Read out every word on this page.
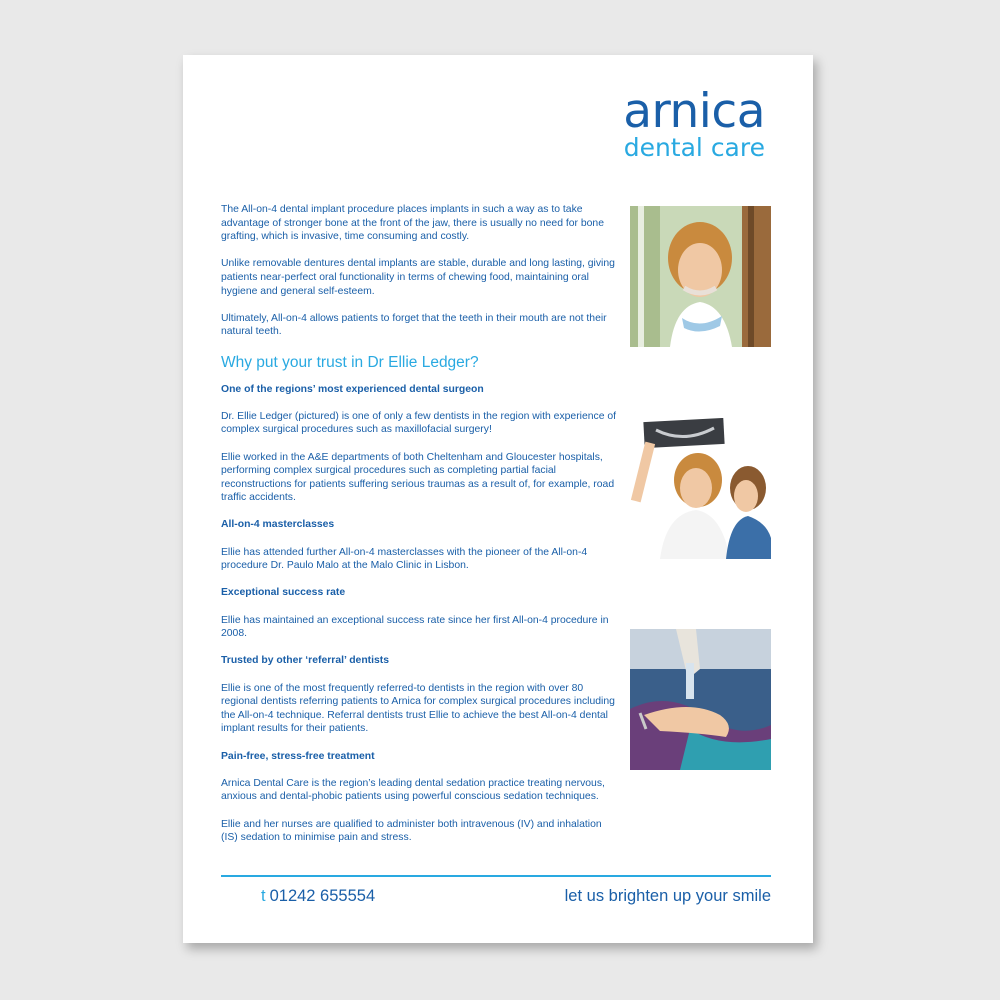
arnica
dental care

The All-on-4 dental implant procedure places implants in such a way as to take advantage of stronger bone at the front of the jaw, there is usually no need for bone grafting, which is invasive, time consuming and costly.

Unlike removable dentures dental implants are stable, durable and long lasting, giving patients near-perfect oral functionality in terms of chewing food, maintaining oral hygiene and general self-esteem.

Ultimately, All-on-4 allows patients to forget that the teeth in their mouth are not their natural teeth.

Why put your trust in Dr Ellie Ledger?
One of the regions’ most experienced dental surgeon

Dr. Ellie Ledger (pictured) is one of only a few dentists in the region with experience of complex surgical procedures such as maxillofacial surgery!

Ellie worked in the A&E departments of both Cheltenham and Gloucester hospitals, performing complex surgical procedures such as completing partial facial reconstructions for patients suffering serious traumas as a result of, for example, road traffic accidents.

All-on-4 masterclasses

Ellie has attended further All-on-4 masterclasses with the pioneer of the All-on-4 procedure Dr. Paulo Malo at the Malo Clinic in Lisbon.

Exceptional success rate

Ellie has maintained an exceptional success rate since her first All-on-4 procedure in 2008.

Trusted by other ‘referral’ dentists

Ellie is one of the most frequently referred-to dentists in the region with over 80 regional dentists referring patients to Arnica for complex surgical procedures including the All-on-4 technique. Referral dentists trust Ellie to achieve the best All-on-4 dental implant results for their patients.

Pain-free, stress-free treatment

Arnica Dental Care is the region’s leading dental sedation practice treating nervous, anxious and dental-phobic patients using powerful conscious sedation techniques.

Ellie and her nurses are qualified to administer both intravenous (IV) and inhalation (IS) sedation to minimise pain and stress.

t 01242 655554	let us brighten up your smile
